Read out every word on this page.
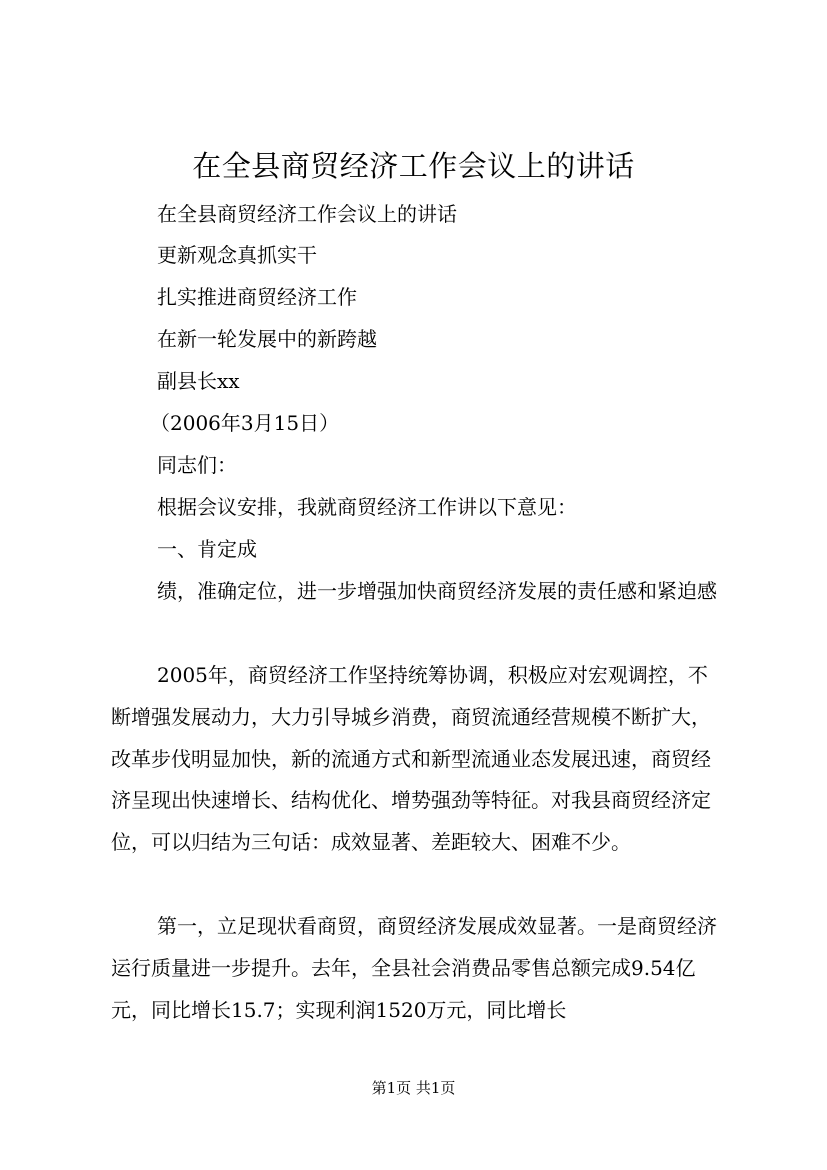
在全县商贸经济工作会议上的讲话
在全县商贸经济工作会议上的讲话
更新观念真抓实干
扎实推进商贸经济工作
在新一轮发展中的新跨越
副县长xx
（2006年3月15日）
同志们：
根据会议安排，我就商贸经济工作讲以下意见：
一、肯定成

绩，准确定位，进一步增强加快商贸经济发展的责任感和紧迫感

2005年，商贸经济工作坚持统筹协调，积极应对宏观调控，不断增强发展动力，大力引导城乡消费，商贸流通经营规模不断扩大，改革步伐明显加快，新的流通方式和新型流通业态发展迅速，商贸经济呈现出快速增长、结构优化、增势强劲等特征。对我县商贸经济定位，可以归结为三句话：成效显著、差距较大、困难不少。

第一，立足现状看商贸，商贸经济发展成效显著。一是商贸经济运行质量进一步提升。去年，全县社会消费品零售总额完成9.54亿元，同比增长15.7；实现利润1520万元，同比增长

第1页 共1页
